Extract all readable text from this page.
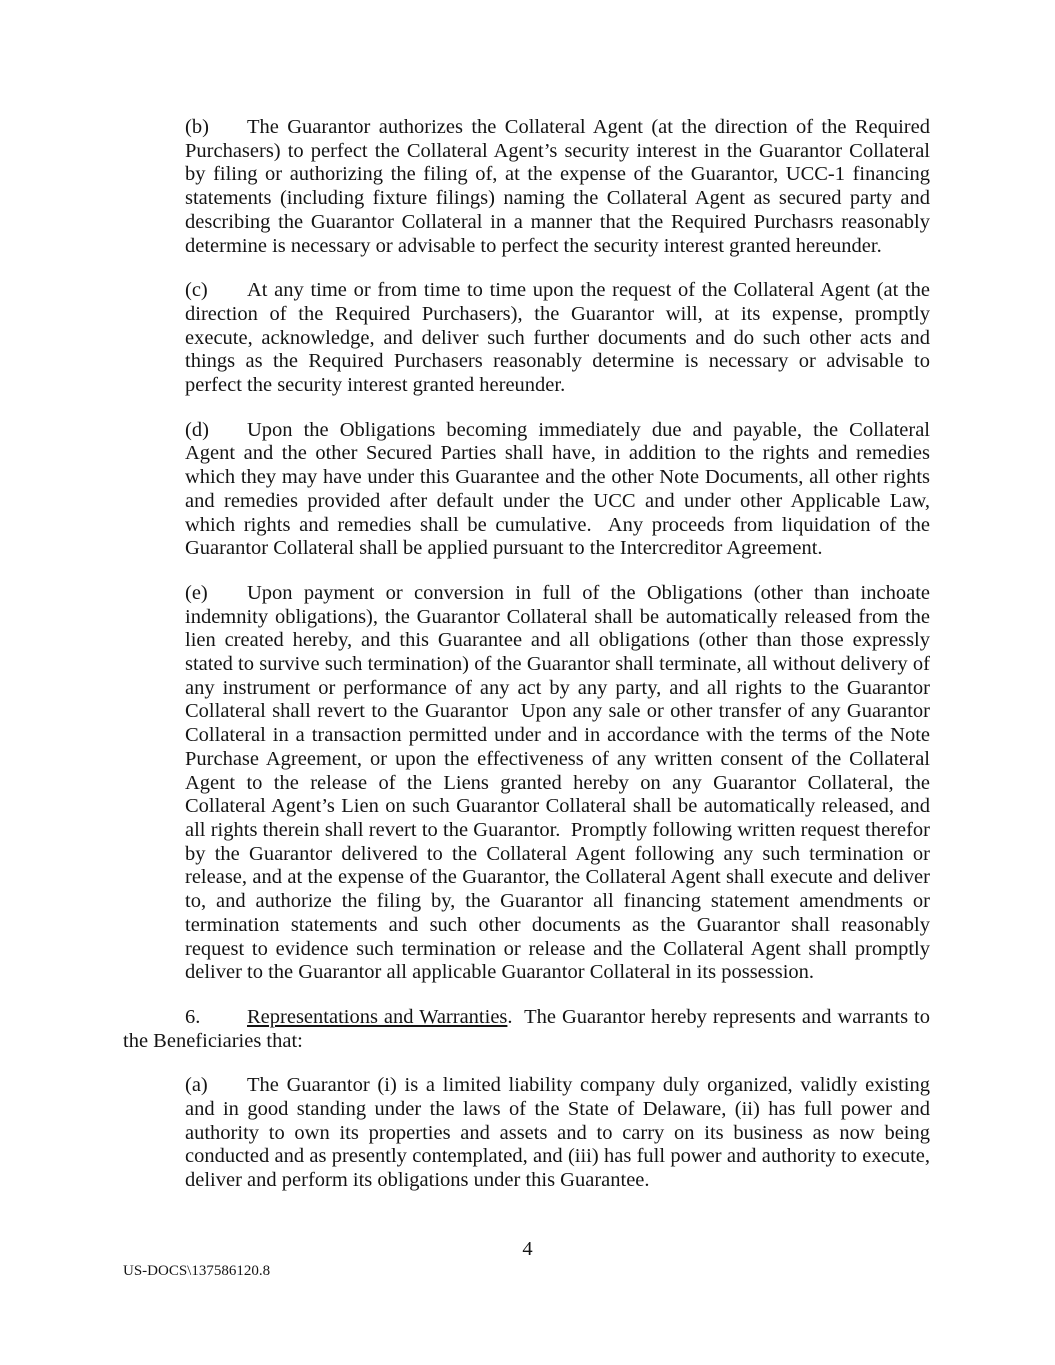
(b) The Guarantor authorizes the Collateral Agent (at the direction of the Required Purchasers) to perfect the Collateral Agent’s security interest in the Guarantor Collateral by filing or authorizing the filing of, at the expense of the Guarantor, UCC-1 financing statements (including fixture filings) naming the Collateral Agent as secured party and describing the Guarantor Collateral in a manner that the Required Purchasrs reasonably determine is necessary or advisable to perfect the security interest granted hereunder.

(c) At any time or from time to time upon the request of the Collateral Agent (at the direction of the Required Purchasers), the Guarantor will, at its expense, promptly execute, acknowledge, and deliver such further documents and do such other acts and things as the Required Purchasers reasonably determine is necessary or advisable to perfect the security interest granted hereunder.

(d) Upon the Obligations becoming immediately due and payable, the Collateral Agent and the other Secured Parties shall have, in addition to the rights and remedies which they may have under this Guarantee and the other Note Documents, all other rights and remedies provided after default under the UCC and under other Applicable Law, which rights and remedies shall be cumulative.  Any proceeds from liquidation of the Guarantor Collateral shall be applied pursuant to the Intercreditor Agreement.

(e) Upon payment or conversion in full of the Obligations (other than inchoate indemnity obligations), the Guarantor Collateral shall be automatically released from the lien created hereby, and this Guarantee and all obligations (other than those expressly stated to survive such termination) of the Guarantor shall terminate, all without delivery of any instrument or performance of any act by any party, and all rights to the Guarantor Collateral shall revert to the Guarantor  Upon any sale or other transfer of any Guarantor Collateral in a transaction permitted under and in accordance with the terms of the Note Purchase Agreement, or upon the effectiveness of any written consent of the Collateral Agent to the release of the Liens granted hereby on any Guarantor Collateral, the Collateral Agent’s Lien on such Guarantor Collateral shall be automatically released, and all rights therein shall revert to the Guarantor.  Promptly following written request therefor by the Guarantor delivered to the Collateral Agent following any such termination or release, and at the expense of the Guarantor, the Collateral Agent shall execute and deliver to, and authorize the filing by, the Guarantor all financing statement amendments or termination statements and such other documents as the Guarantor shall reasonably request to evidence such termination or release and the Collateral Agent shall promptly deliver to the Guarantor all applicable Guarantor Collateral in its possession.

6. Representations and Warranties.  The Guarantor hereby represents and warrants to the Beneficiaries that:

(a) The Guarantor (i) is a limited liability company duly organized, validly existing and in good standing under the laws of the State of Delaware, (ii) has full power and authority to own its properties and assets and to carry on its business as now being conducted and as presently contemplated, and (iii) has full power and authority to execute, deliver and perform its obligations under this Guarantee.

4
US-DOCS\137586120.8
